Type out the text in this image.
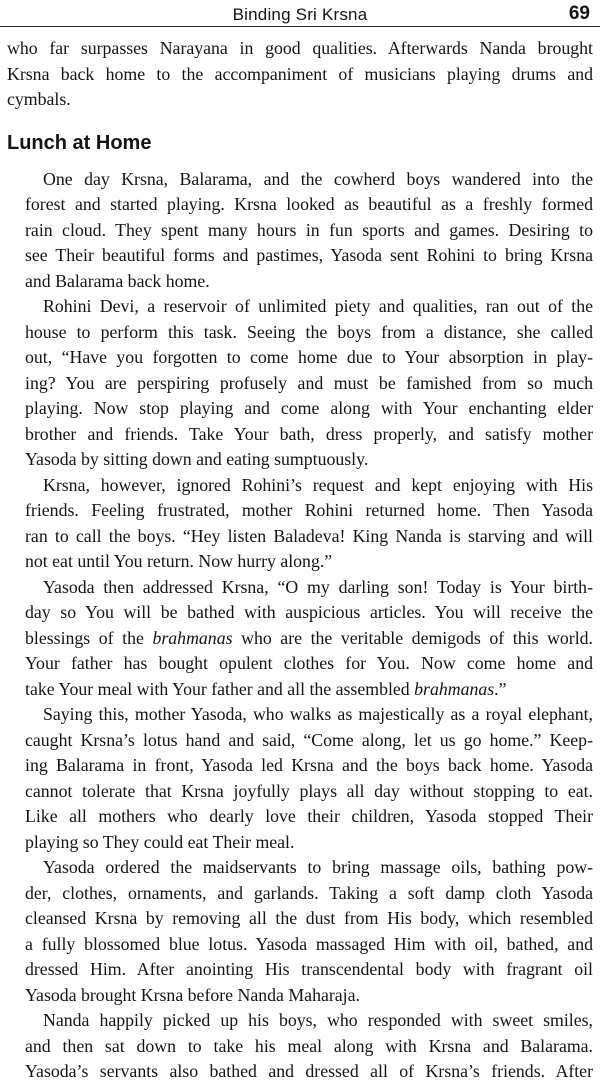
Binding Sri Krsna	69

who far surpasses Narayana in good qualities. Afterwards Nanda brought
Krsna back home to the accompaniment of musicians playing drums and
cymbals.

Lunch at Home

One day Krsna, Balarama, and the cowherd boys wandered into the
forest and started playing. Krsna looked as beautiful as a freshly formed
rain cloud. They spent many hours in fun sports and games. Desiring to
see Their beautiful forms and pastimes, Yasoda sent Rohini to bring Krsna
and Balarama back home.

Rohini Devi, a reservoir of unlimited piety and qualities, ran out of the
house to perform this task. Seeing the boys from a distance, she called
out, “Have you forgotten to come home due to Your absorption in play-
ing? You are perspiring profusely and must be famished from so much
playing. Now stop playing and come along with Your enchanting elder
brother and friends. Take Your bath, dress properly, and satisfy mother
Yasoda by sitting down and eating sumptuously.

Krsna, however, ignored Rohini’s request and kept enjoying with His
friends. Feeling frustrated, mother Rohini returned home. Then Yasoda
ran to call the boys. “Hey listen Baladeva! King Nanda is starving and will
not eat until You return. Now hurry along.”

Yasoda then addressed Krsna, “O my darling son! Today is Your birth-
day so You will be bathed with auspicious articles. You will receive the
blessings of the brahmanas who are the veritable demigods of this world.
Your father has bought opulent clothes for You. Now come home and
take Your meal with Your father and all the assembled brahmanas.”

Saying this, mother Yasoda, who walks as majestically as a royal elephant,
caught Krsna’s lotus hand and said, “Come along, let us go home.” Keep-
ing Balarama in front, Yasoda led Krsna and the boys back home. Yasoda
cannot tolerate that Krsna joyfully plays all day without stopping to eat.
Like all mothers who dearly love their children, Yasoda stopped Their
playing so They could eat Their meal.

Yasoda ordered the maidservants to bring massage oils, bathing pow-
der, clothes, ornaments, and garlands. Taking a soft damp cloth Yasoda
cleansed Krsna by removing all the dust from His body, which resembled
a fully blossomed blue lotus. Yasoda massaged Him with oil, bathed, and
dressed Him. After anointing His transcendental body with fragrant oil
Yasoda brought Krsna before Nanda Maharaja.

Nanda happily picked up his boys, who responded with sweet smiles,
and then sat down to take his meal along with Krsna and Balarama.
Yasoda’s servants also bathed and dressed all of Krsna’s friends. After
